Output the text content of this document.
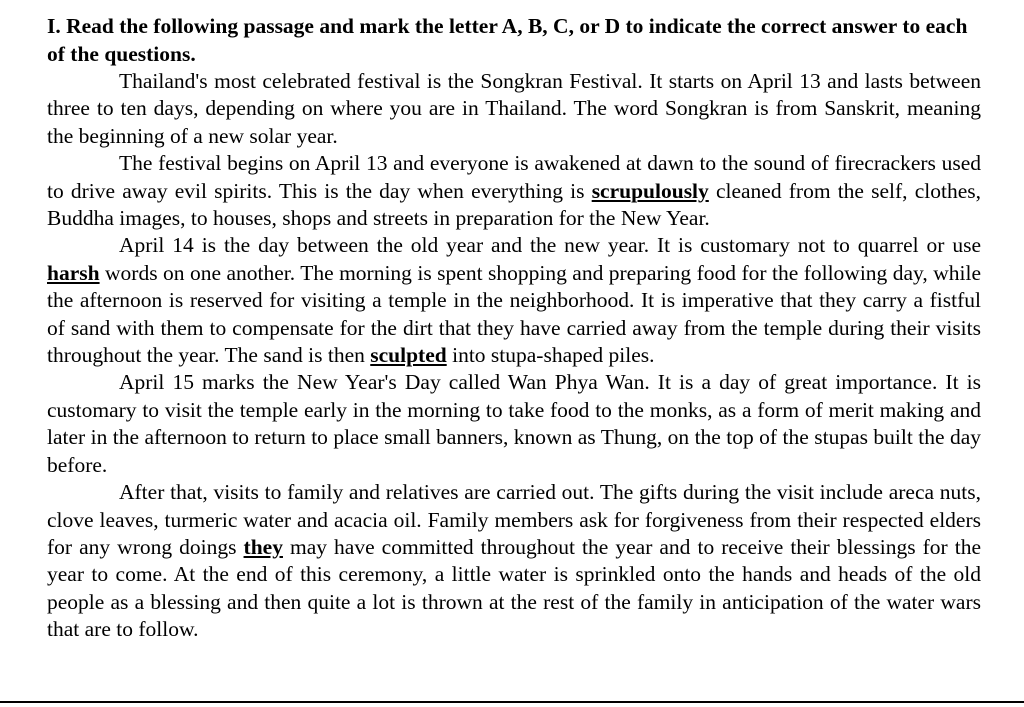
I. Read the following passage and mark the letter A, B, C, or D to indicate the correct answer to each of the questions.

Thailand's most celebrated festival is the Songkran Festival. It starts on April 13 and lasts between three to ten days, depending on where you are in Thailand. The word Songkran is from Sanskrit, meaning the beginning of a new solar year.

The festival begins on April 13 and everyone is awakened at dawn to the sound of firecrackers used to drive away evil spirits. This is the day when everything is scrupulously cleaned from the self, clothes, Buddha images, to houses, shops and streets in preparation for the New Year.

April 14 is the day between the old year and the new year. It is customary not to quarrel or use harsh words on one another. The morning is spent shopping and preparing food for the following day, while the afternoon is reserved for visiting a temple in the neighborhood. It is imperative that they carry a fistful of sand with them to compensate for the dirt that they have carried away from the temple during their visits throughout the year. The sand is then sculpted into stupa-shaped piles.

April 15 marks the New Year's Day called Wan Phya Wan. It is a day of great importance. It is customary to visit the temple early in the morning to take food to the monks, as a form of merit making and later in the afternoon to return to place small banners, known as Thung, on the top of the stupas built the day before.

After that, visits to family and relatives are carried out. The gifts during the visit include areca nuts, clove leaves, turmeric water and acacia oil. Family members ask for forgiveness from their respected elders for any wrong doings they may have committed throughout the year and to receive their blessings for the year to come. At the end of this ceremony, a little water is sprinkled onto the hands and heads of the old people as a blessing and then quite a lot is thrown at the rest of the family in anticipation of the water wars that are to follow.
